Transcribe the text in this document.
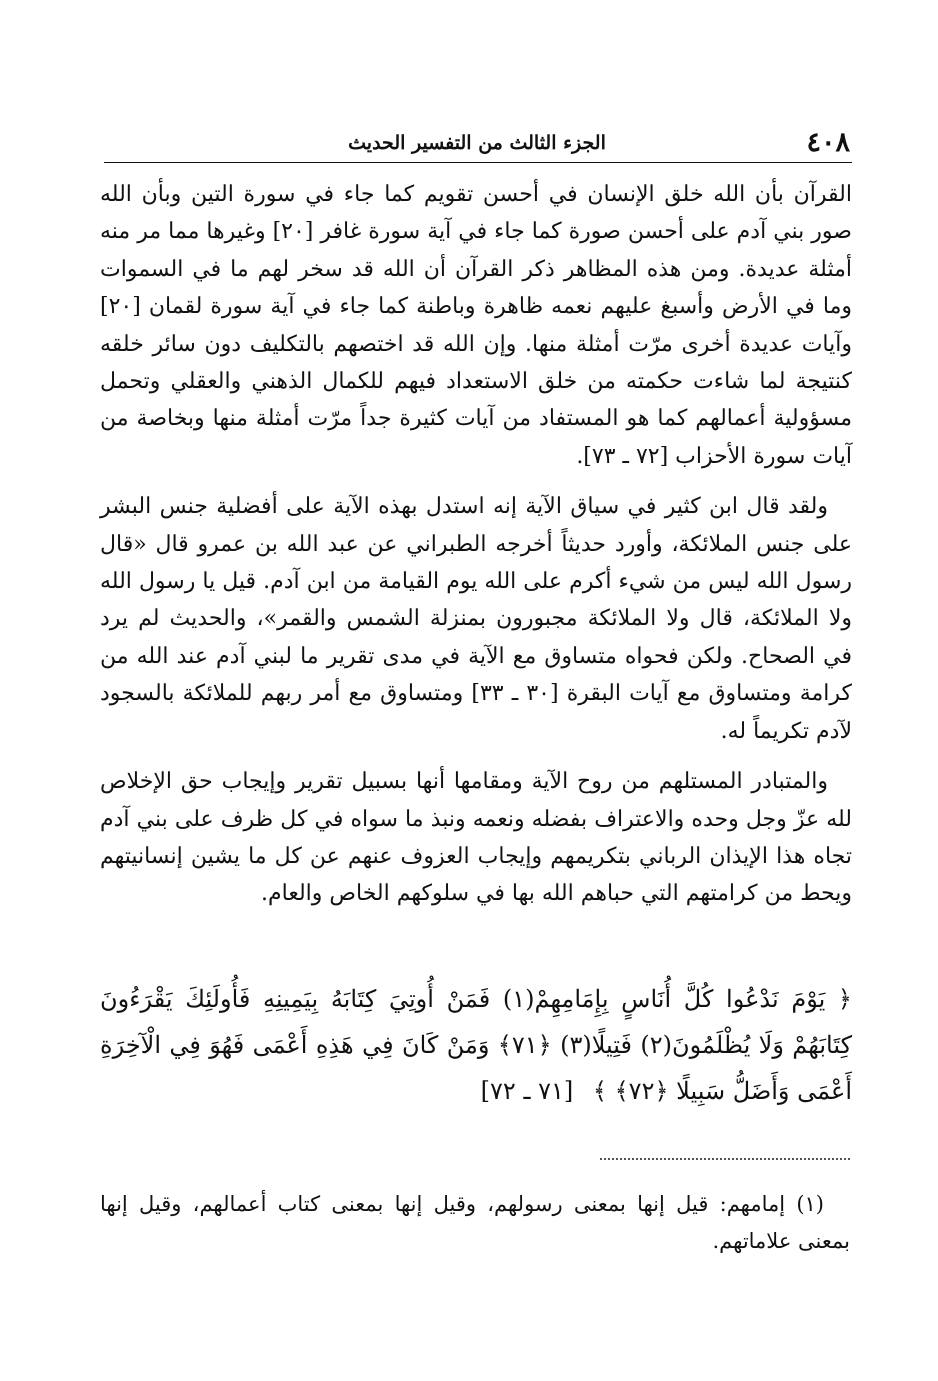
٤٠٨
الجزء الثالث من التفسير الحديث

القرآن بأن الله خلق الإنسان في أحسن تقويم كما جاء في سورة التين وبأن الله صور بني آدم على أحسن صورة كما جاء في آية سورة غافر [٢٠] وغيرها مما مر منه أمثلة عديدة. ومن هذه المظاهر ذكر القرآن أن الله قد سخر لهم ما في السموات وما في الأرض وأسبغ عليهم نعمه ظاهرة وباطنة كما جاء في آية سورة لقمان [٢٠] وآيات عديدة أخرى مرّت أمثلة منها. وإن الله قد اختصهم بالتكليف دون سائر خلقه كنتيجة لما شاءت حكمته من خلق الاستعداد فيهم للكمال الذهني والعقلي وتحمل مسؤولية أعمالهم كما هو المستفاد من آيات كثيرة جداً مرّت أمثلة منها وبخاصة من آيات سورة الأحزاب [٧٢ ـ ٧٣].

ولقد قال ابن كثير في سياق الآية إنه استدل بهذه الآية على أفضلية جنس البشر على جنس الملائكة، وأورد حديثاً أخرجه الطبراني عن عبد الله بن عمرو قال «قال رسول الله ليس من شيء أكرم على الله يوم القيامة من ابن آدم. قيل يا رسول الله ولا الملائكة، قال ولا الملائكة مجبورون بمنزلة الشمس والقمر»، والحديث لم يرد في الصحاح. ولكن فحواه متساوق مع الآية في مدى تقرير ما لبني آدم عند الله من كرامة ومتساوق مع آيات البقرة [٣٠ ـ ٣٣] ومتساوق مع أمر ربهم للملائكة بالسجود لآدم تكريماً له.

والمتبادر المستلهم من روح الآية ومقامها أنها بسبيل تقرير وإيجاب حق الإخلاص لله عزّ وجل وحده والاعتراف بفضله ونعمه ونبذ ما سواه في كل ظرف على بني آدم تجاه هذا الإيذان الرباني بتكريمهم وإيجاب العزوف عنهم عن كل ما يشين إنسانيتهم ويحط من كرامتهم التي حباهم الله بها في سلوكهم الخاص والعام.

﴿ يَوْمَ نَدْعُوا كُلَّ أُنَاسٍ بِإِمَامِهِمْ(١) فَمَنْ أُوتِيَ كِتَابَهُ بِيَمِينِهِ فَأُولَئِكَ يَقْرَءُونَ كِتَابَهُمْ وَلَا يُظْلَمُونَ(٢) فَتِيلًا(٣) ﴿٧١﴾ وَمَنْ كَانَ فِي هَذِهِ أَعْمَى فَهُوَ فِي الْآخِرَةِ أَعْمَى وَأَضَلُّ سَبِيلًا ﴿٧٢﴾ ﴾ [٧١ ـ ٧٢]

(١) إمامهم: قيل إنها بمعنى رسولهم، وقيل إنها بمعنى كتاب أعمالهم، وقيل إنها بمعنى علاماتهم.
